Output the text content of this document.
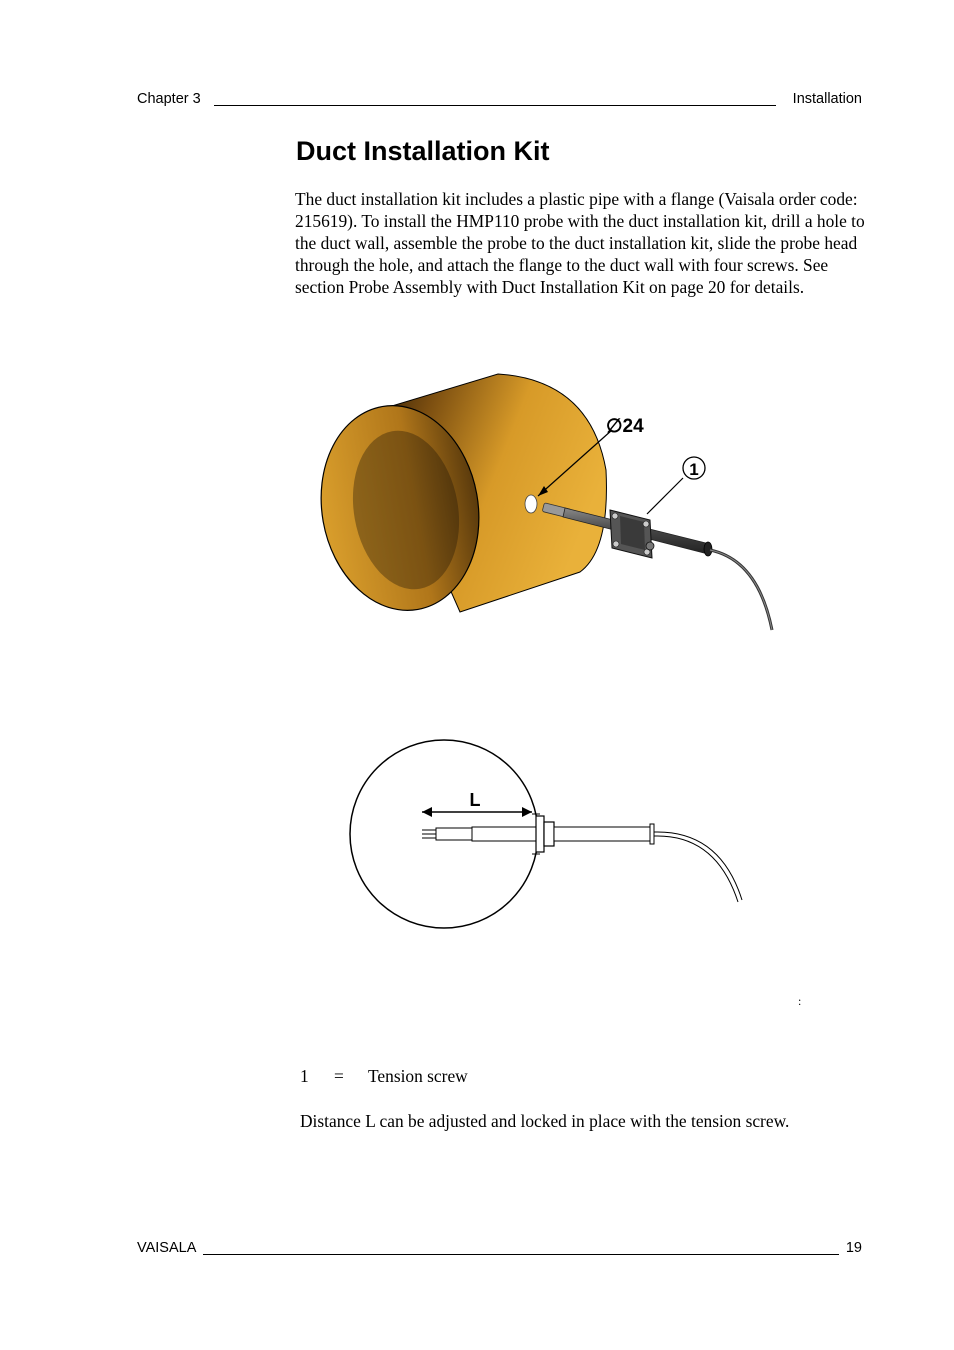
Chapter 3	Installation
Duct Installation Kit

The duct installation kit includes a plastic pipe with a flange (Vaisala order code: 215619). To install the HMP110 probe with the duct installation kit, drill a hole to the duct wall, assemble the probe to the duct installation kit, slide the probe head through the hole, and attach the flange to the duct wall with four screws. See section Probe Assembly with Duct Installation Kit on page 20 for details.

∅24
1
L
:
1 = Tension screw

Distance L can be adjusted and locked in place with the tension screw.

VAISALA	19
